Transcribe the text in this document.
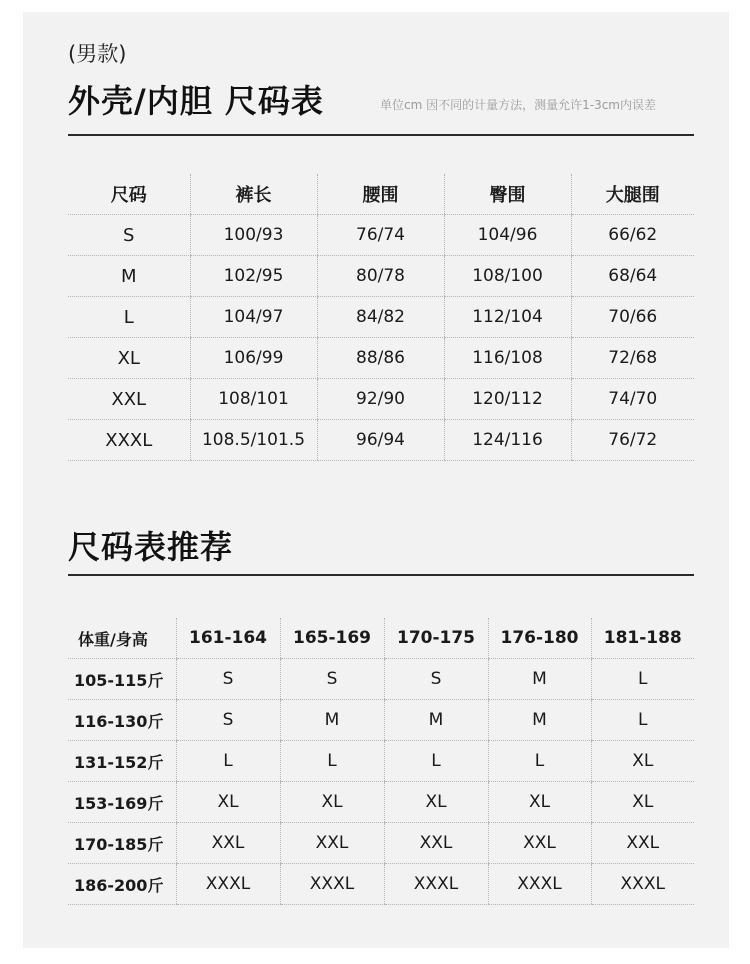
(男款)
外壳/内胆 尺码表	单位cm 因不同的计量方法，测量允许1-3cm内误差
尺码	裤长	腰围	臀围	大腿围
S	100/93	76/74	104/96	66/62
M	102/95	80/78	108/100	68/64
L	104/97	84/82	112/104	70/66
XL	106/99	88/86	116/108	72/68
XXL	108/101	92/90	120/112	74/70
XXXL	108.5/101.5	96/94	124/116	76/72
尺码表推荐
体重/身高	161-164	165-169	170-175	176-180	181-188
105-115斤	S	S	S	M	L
116-130斤	S	M	M	M	L
131-152斤	L	L	L	L	XL
153-169斤	XL	XL	XL	XL	XL
170-185斤	XXL	XXL	XXL	XXL	XXL
186-200斤	XXXL	XXXL	XXXL	XXXL	XXXL
